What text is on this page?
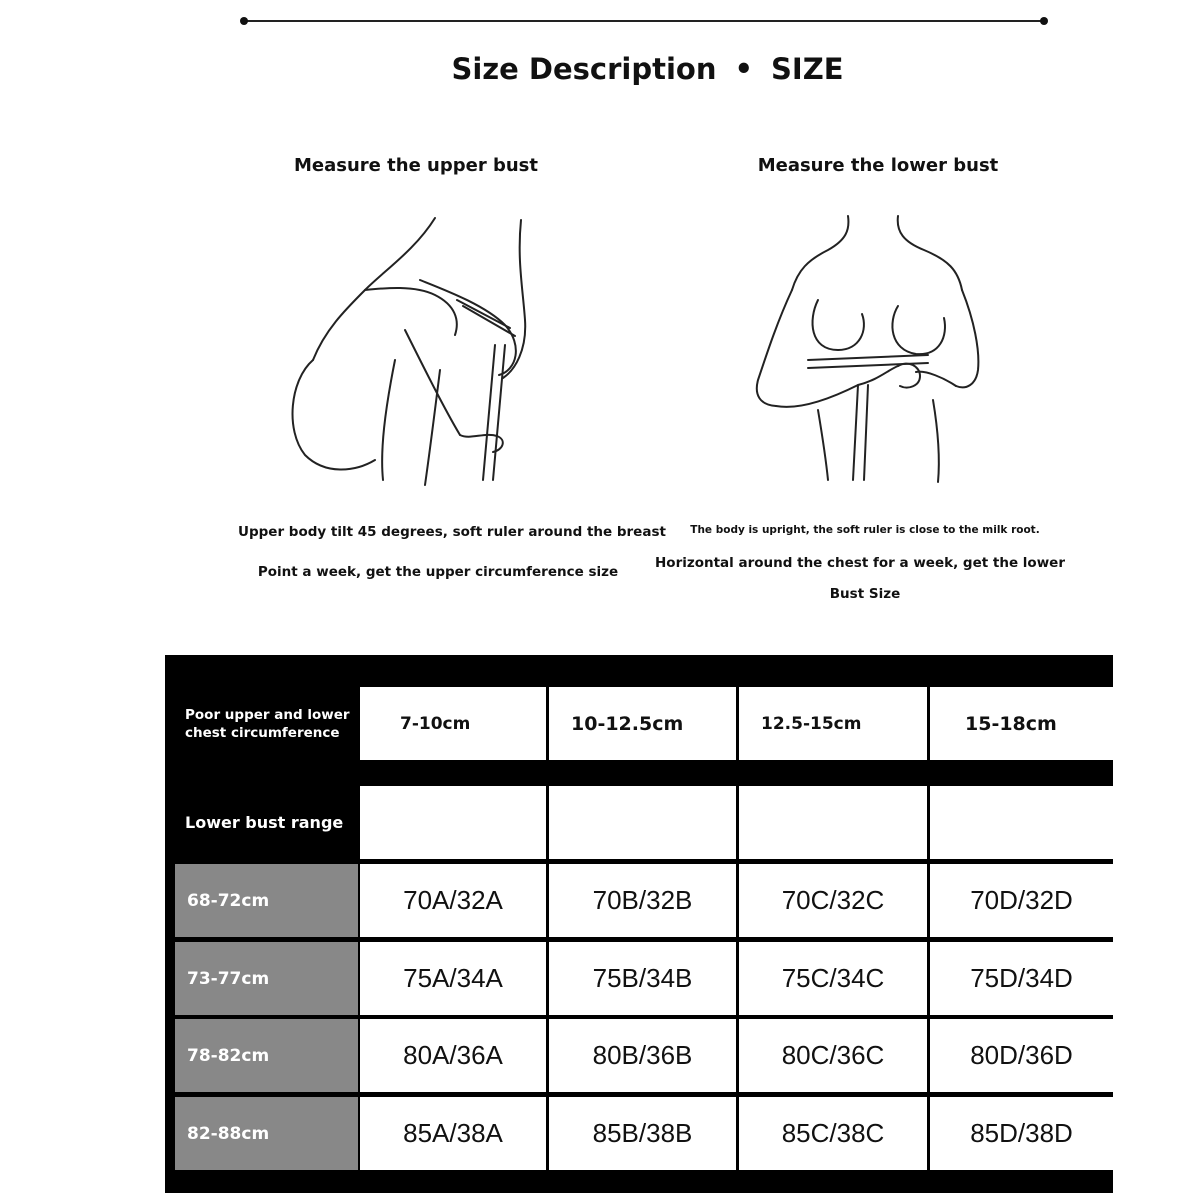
Size Description • SIZE
Measure the upper bust	Measure the lower bust
Upper body tilt 45 degrees, soft ruler around the breast
Point a week, get the upper circumference size
The body is upright, the soft ruler is close to the milk root.
Horizontal around the chest for a week, get the lower
Bust Size
Poor upper and lower chest circumference	7-10cm	10-12.5cm	12.5-15cm	15-18cm
Lower bust range
68-72cm	70A/32A	70B/32B	70C/32C	70D/32D
73-77cm	75A/34A	75B/34B	75C/34C	75D/34D
78-82cm	80A/36A	80B/36B	80C/36C	80D/36D
82-88cm	85A/38A	85B/38B	85C/38C	85D/38D
